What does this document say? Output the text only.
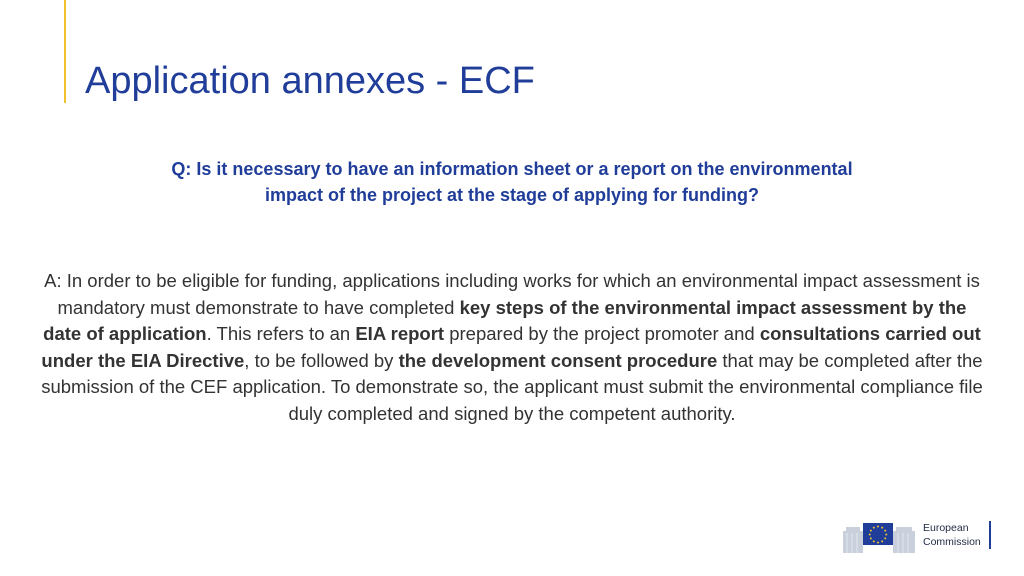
Application annexes - ECF
Q: Is it necessary to have an information sheet or a report on the environmental
impact of the project at the stage of applying for funding?
A: In order to be eligible for funding, applications including works for which an environmental impact assessment is mandatory must demonstrate to have completed key steps of the environmental impact assessment by the date of application. This refers to an EIA report prepared by the project promoter and consultations carried out under the EIA Directive, to be followed by the development consent procedure that may be completed after the submission of the CEF application. To demonstrate so, the applicant must submit the environmental compliance file duly completed and signed by the competent authority.
European
Commission
